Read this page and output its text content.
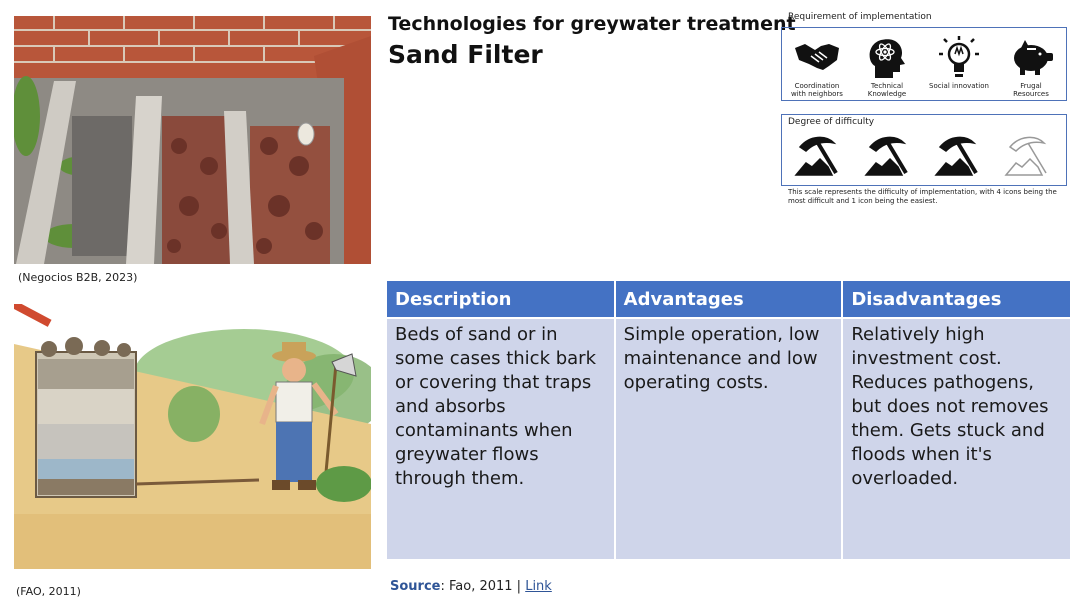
(Negocios B2B, 2023)
(FAO, 2011)
Technologies for greywater treatment
Sand Filter
Requirement of implementation
Coordination
with neighbors
Technical
Knowledge
Social innovation	Frugal
Resources
Degree of difficulty
This scale represents the difficulty of implementation, with 4 icons being the most difficult and 1 icon being the easiest.
Description	Advantages	Disadvantages
Beds of sand or in some cases thick bark or covering that traps and absorbs contaminants when greywater flows through them.	Simple operation, low maintenance and low operating costs.	Relatively high investment cost. Reduces pathogens, but does not removes them. Gets stuck and floods when it's overloaded.
Source: Fao, 2011 | Link
